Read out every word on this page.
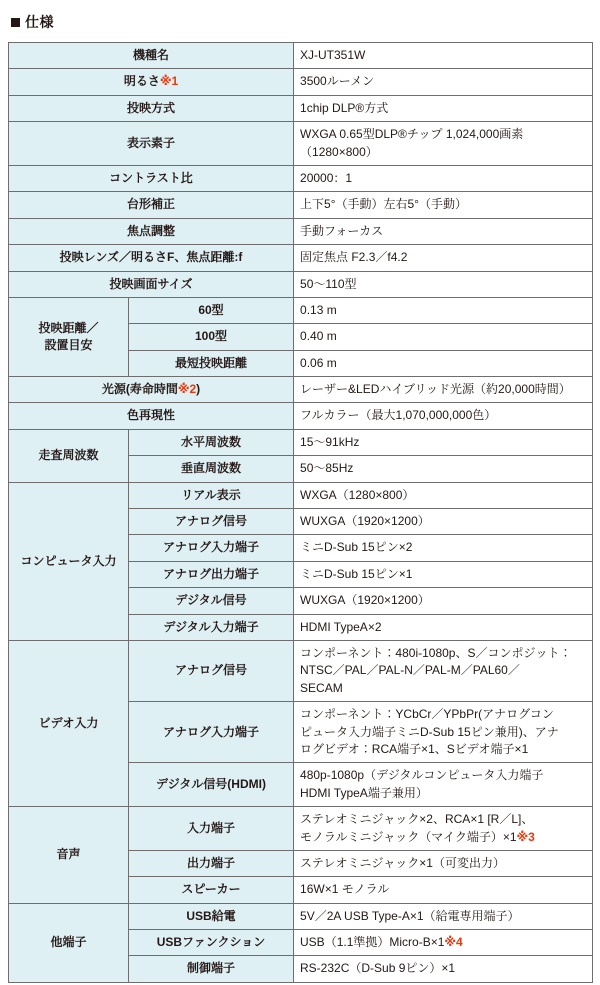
仕様
機種名		XJ-UT351W

明るさ※1		3500ルーメン

投映方式		1chip DLP®方式

表示素子		WXGA 0.65型DLP®チップ 1,024,000画素
（1280×800）

コントラスト比		20000：1

台形補正		上下5°（手動）左右5°（手動）

焦点調整		手動フォーカス

投映レンズ／明るさF、焦点距離:f		固定焦点 F2.3／f4.2

投映画面サイズ		50〜110型

投映距離／
設置目安	60型	0.13 m

	100型	0.40 m

	最短投映距離	0.06 m

光源(寿命時間※2)		レーザー&LEDハイブリッド光源（約20,000時間）

色再現性		フルカラー（最大1,070,000,000色）

走査周波数	水平周波数	15〜91kHz

	垂直周波数	50〜85Hz

コンピュータ入力	リアル表示	WXGA（1280×800）

	アナログ信号	WUXGA（1920×1200）

	アナログ入力端子	ミニD-Sub 15ピン×2

	アナログ出力端子	ミニD-Sub 15ピン×1

	デジタル信号	WUXGA（1920×1200）

	デジタル入力端子	HDMI TypeA×2

ビデオ入力	アナログ信号	コンポーネント：480i-1080p、S／コンポジット：
NTSC／PAL／PAL-N／PAL-M／PAL60／
SECAM

	アナログ入力端子	コンポーネント：YCbCr／YPbPr(アナログコン
ピュータ入力端子ミニD-Sub 15ピン兼用)、アナ
ログビデオ：RCA端子×1、Sビデオ端子×1

	デジタル信号(HDMI)	480p-1080p（デジタルコンピュータ入力端子
HDMI TypeA端子兼用）

音声	入力端子	ステレオミニジャック×2、RCA×1 [R／L]、
モノラルミニジャック（マイク端子）×1※3

	出力端子	ステレオミニジャック×1（可変出力）

	スピーカー	16W×1 モノラル

他端子	USB給電	5V／2A USB Type-A×1（給電専用端子）

	USBファンクション	USB（1.1準拠）Micro-B×1※4

	制御端子	RS-232C（D-Sub 9ピン）×1
